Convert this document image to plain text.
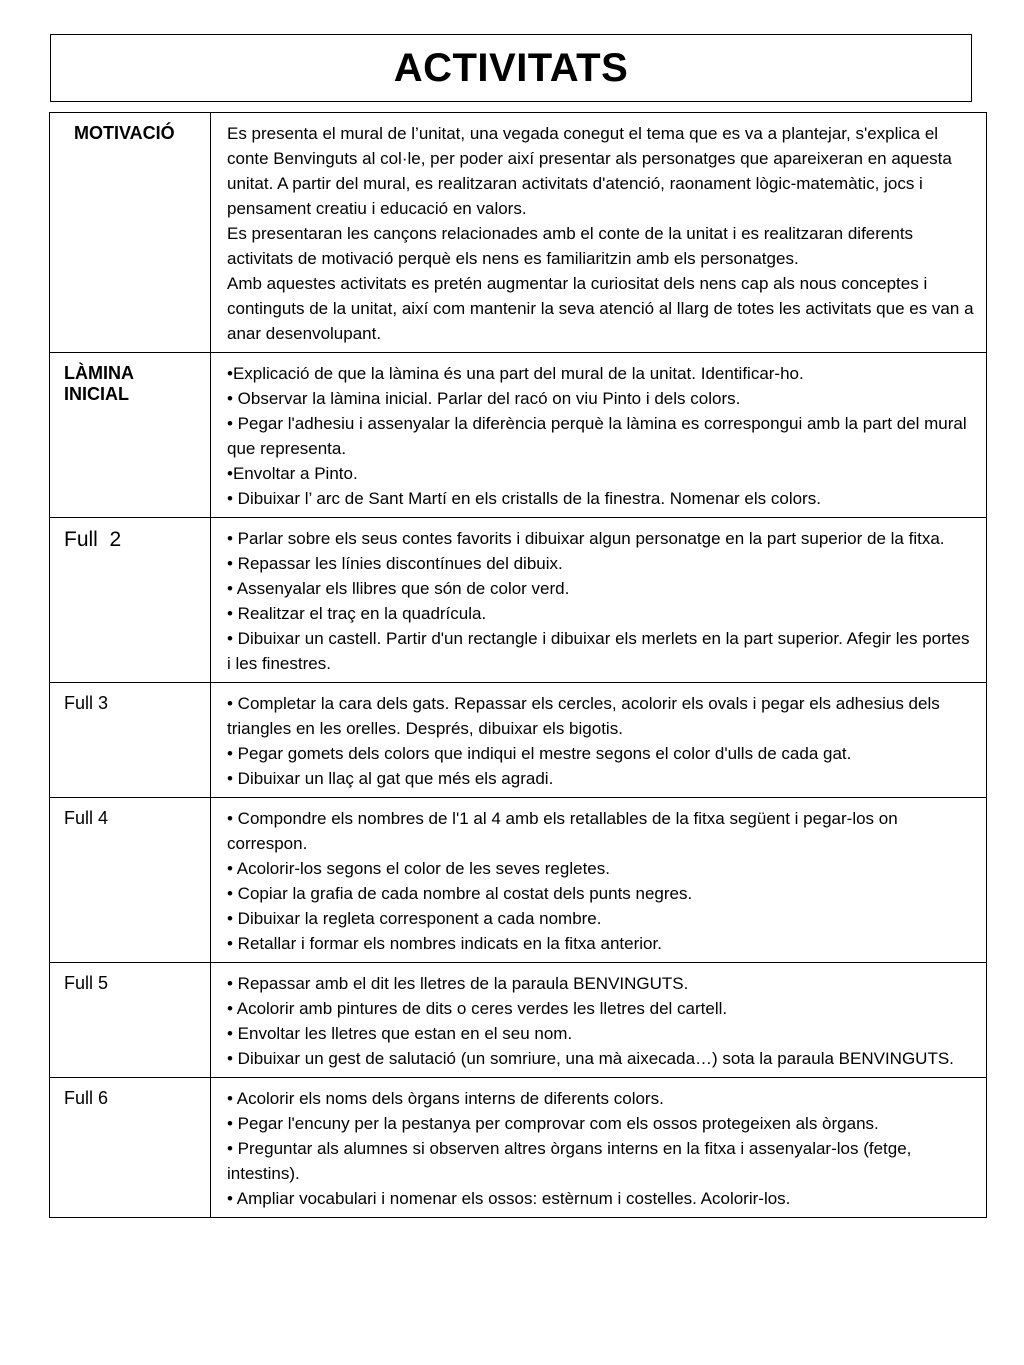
ACTIVITATS
MOTIVACIÓ	Es presenta el mural de l’unitat, una vegada conegut el tema que es va a plantejar, s'explica el conte Benvinguts al col·le, per poder així presentar als personatges que apareixeran en aquesta unitat. A partir del mural, es realitzaran activitats d'atenció, raonament lògic-matemàtic, jocs i pensament creatiu i educació en valors.
Es presentaran les cançons relacionades amb el conte de la unitat i es realitzaran diferents activitats de motivació perquè els nens es familiaritzin amb els personatges.
Amb aquestes activitats es pretén augmentar la curiositat dels nens cap als nous conceptes i continguts de la unitat, així com mantenir la seva atenció al llarg de totes les activitats que es van a anar desenvolupant.

LÀMINA INICIAL	•Explicació de que la làmina és una part del mural de la unitat. Identificar-ho.
• Observar la làmina inicial. Parlar del racó on viu Pinto i dels colors.
• Pegar l'adhesiu i assenyalar la diferència perquè la làmina es correspongui amb la part del mural que representa.
•Envoltar a Pinto.
• Dibuixar l’ arc de Sant Martí en els cristalls de la finestra. Nomenar els colors.

Full  2	• Parlar sobre els seus contes favorits i dibuixar algun personatge en la part superior de la fitxa.
• Repassar les línies discontínues del dibuix.
• Assenyalar els llibres que són de color verd.
• Realitzar el traç en la quadrícula.
• Dibuixar un castell. Partir d'un rectangle i dibuixar els merlets en la part superior. Afegir les portes i les finestres.

Full 3	• Completar la cara dels gats. Repassar els cercles, acolorir els ovals i pegar els adhesius dels triangles en les orelles. Després, dibuixar els bigotis.
• Pegar gomets dels colors que indiqui el mestre segons el color d'ulls de cada gat.
• Dibuixar un llaç al gat que més els agradi.

Full 4	• Compondre els nombres de l'1 al 4 amb els retallables de la fitxa següent i pegar-los on correspon.
• Acolorir-los segons el color de les seves regletes.
• Copiar la grafia de cada nombre al costat dels punts negres.
• Dibuixar la regleta corresponent a cada nombre.
• Retallar i formar els nombres indicats en la fitxa anterior.

Full 5	• Repassar amb el dit les lletres de la paraula BENVINGUTS.
• Acolorir amb pintures de dits o ceres verdes les lletres del cartell.
• Envoltar les lletres que estan en el seu nom.
• Dibuixar un gest de salutació (un somriure, una mà aixecada…) sota la paraula BENVINGUTS.

Full 6	• Acolorir els noms dels òrgans interns de diferents colors.
• Pegar l'encuny per la pestanya per comprovar com els ossos protegeixen als òrgans.
• Preguntar als alumnes si observen altres òrgans interns en la fitxa i assenyalar-los (fetge, intestins).
• Ampliar vocabulari i nomenar els ossos: estèrnum i costelles. Acolorir-los.
